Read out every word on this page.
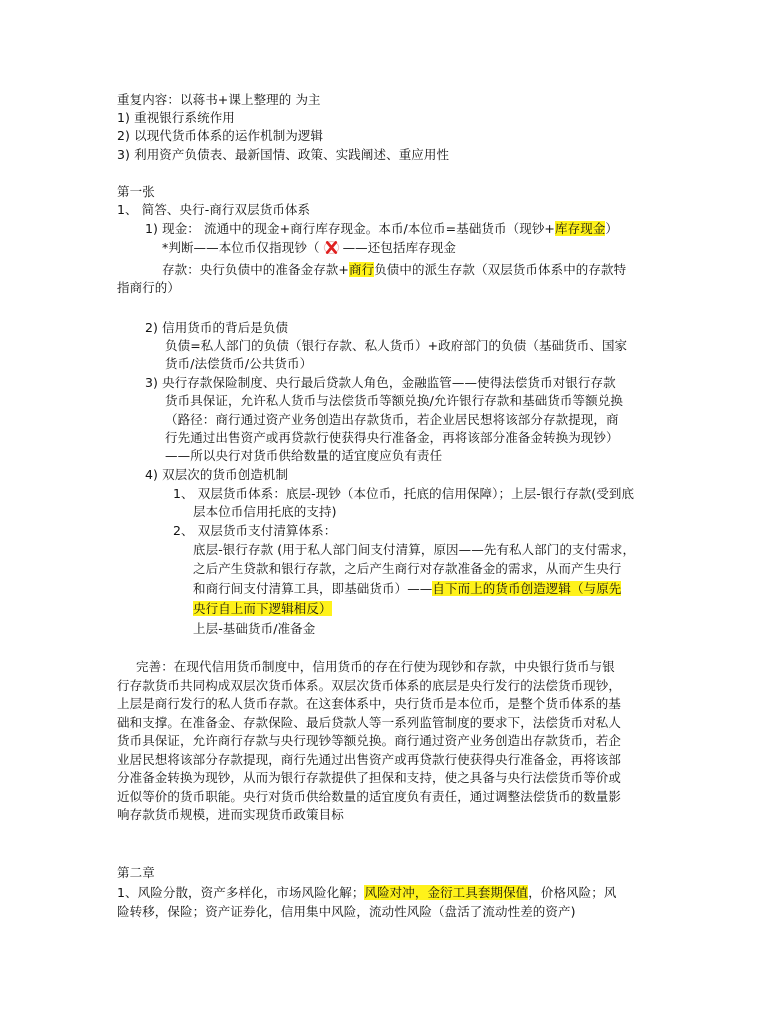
重复内容：以蒋书+课上整理的 为主
1) 重视银行系统作用
2) 以现代货币体系的运作机制为逻辑
3) 利用资产负债表、最新国情、政策、实践阐述、重应用性
第一张
1、 简答、央行-商行双层货币体系
1) 现金： 流通中的现金+商行库存现金。本币/本位币=基础货币（现钞+库存现金）
*判断——本位币仅指现钞（ ——还包括库存现金
存款：央行负债中的准备金存款+商行负债中的派生存款（双层货币体系中的存款特
指商行的）
2) 信用货币的背后是负债
负债=私人部门的负债（银行存款、私人货币）+政府部门的负债（基础货币、国家
货币/法偿货币/公共货币）
3) 央行存款保险制度、央行最后贷款人角色，金融监管——使得法偿货币对银行存款
货币具保证，允许私人货币与法偿货币等额兑换/允许银行存款和基础货币等额兑换
（路径：商行通过资产业务创造出存款货币，若企业居民想将该部分存款提现，商
行先通过出售资产或再贷款行使获得央行准备金，再将该部分准备金转换为现钞）
——所以央行对货币供给数量的适宜度应负有责任
4) 双层次的货币创造机制
1、 双层货币体系：底层-现钞（本位币，托底的信用保障）；上层-银行存款(受到底
层本位币信用托底的支持)
2、 双层货币支付清算体系：
底层-银行存款 (用于私人部门间支付清算，原因——先有私人部门的支付需求，
之后产生贷款和银行存款，之后产生商行对存款准备金的需求，从而产生央行
和商行间支付清算工具，即基础货币）——自下而上的货币创造逻辑（与原先
央行自上而下逻辑相反）
上层-基础货币/准备金
完善：在现代信用货币制度中，信用货币的存在行使为现钞和存款，中央银行货币与银
行存款货币共同构成双层次货币体系。双层次货币体系的底层是央行发行的法偿货币现钞，
上层是商行发行的私人货币存款。在这套体系中，央行货币是本位币，是整个货币体系的基
础和支撑。在准备金、存款保险、最后贷款人等一系列监管制度的要求下，法偿货币对私人
货币具保证，允许商行存款与央行现钞等额兑换。商行通过资产业务创造出存款货币，若企
业居民想将该部分存款提现，商行先通过出售资产或再贷款行使获得央行准备金，再将该部
分准备金转换为现钞，从而为银行存款提供了担保和支持，使之具备与央行法偿货币等价或
近似等价的货币职能。央行对货币供给数量的适宜度负有责任，通过调整法偿货币的数量影
响存款货币规模，进而实现货币政策目标
第二章
1、风险分散，资产多样化，市场风险化解；风险对冲，金衍工具套期保值，价格风险；风
险转移，保险；资产证券化，信用集中风险，流动性风险（盘活了流动性差的资产)
